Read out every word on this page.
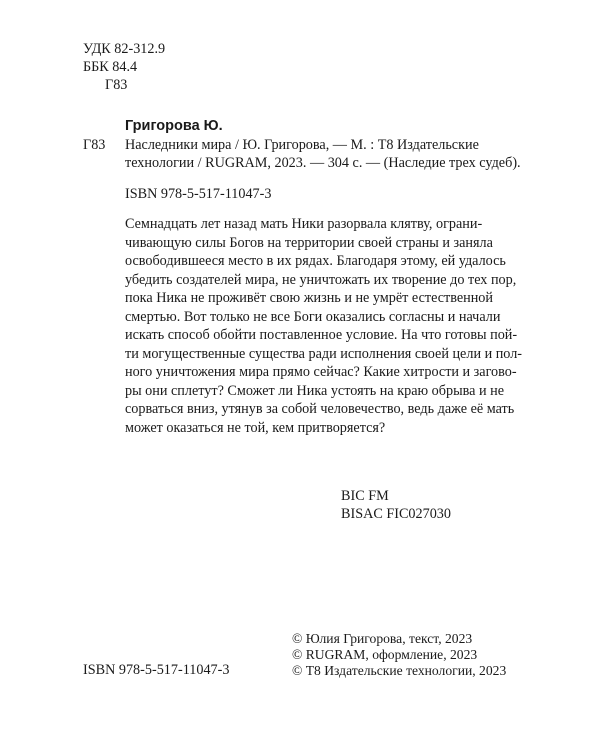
УДК 82-312.9
ББК 84.4
Г83
Г83
Григорова Ю.
Наследники мира / Ю. Григорова, — М. : Т8 Издательские
технологии / RUGRAM, 2023. — 304 с. — (Наследие трех судеб).
ISBN 978-5-517-11047-3
Семнадцать лет назад мать Ники разорвала клятву, ограни-
чивающую силы Богов на территории своей страны и заняла
освободившееся место в их рядах. Благодаря этому, ей удалось
убедить создателей мира, не уничтожать их творение до тех пор,
пока Ника не проживёт свою жизнь и не умрёт естественной
смертью. Вот только не все Боги оказались согласны и начали
искать способ обойти поставленное условие. На что готовы пой-
ти могущественные существа ради исполнения своей цели и пол-
ного уничтожения мира прямо сейчас? Какие хитрости и загово-
ры они сплетут? Сможет ли Ника устоять на краю обрыва и не
сорваться вниз, утянув за собой человечество, ведь даже её мать
может оказаться не той, кем притворяется?
BIC FM
BISAC FIC027030
ISBN 978-5-517-11047-3
© Юлия Григорова, текст, 2023
© RUGRAM, оформление, 2023
© Т8 Издательские технологии, 2023
